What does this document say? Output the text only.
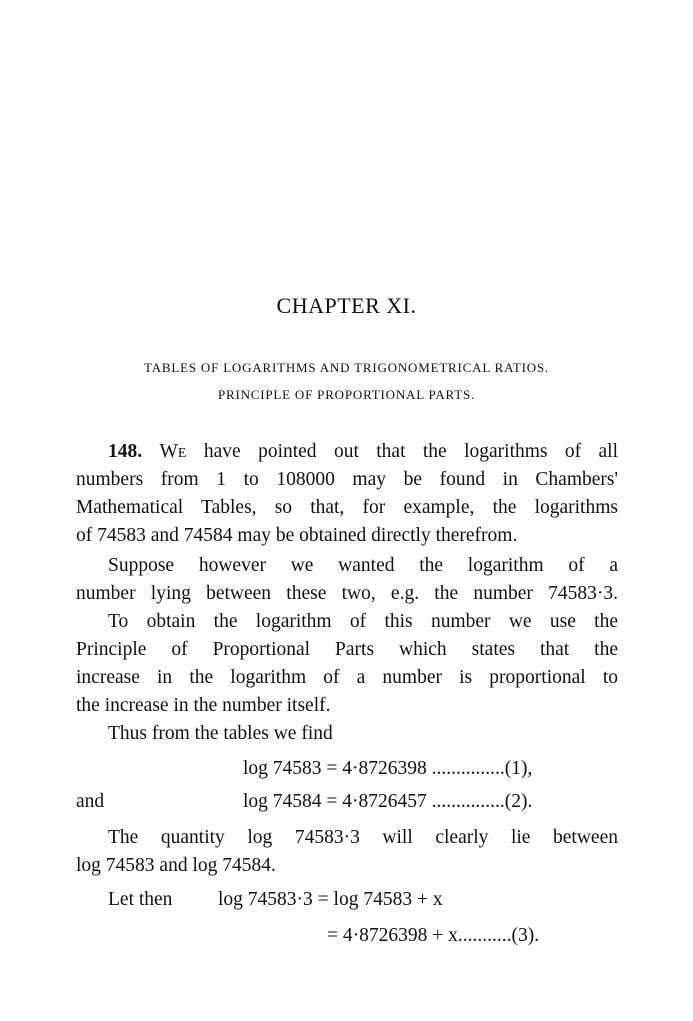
CHAPTER XI.
TABLES OF LOGARITHMS AND TRIGONOMETRICAL RATIOS.
PRINCIPLE OF PROPORTIONAL PARTS.
148. We have pointed out that the logarithms of all
numbers from 1 to 108000 may be found in Chambers'
Mathematical Tables, so that, for example, the logarithms
of 74583 and 74584 may be obtained directly therefrom.
Suppose however we wanted the logarithm of a
number lying between these two, e.g. the number 74583·3.
To obtain the logarithm of this number we use the
Principle of Proportional Parts which states that the
increase in the logarithm of a number is proportional to
the increase in the number itself.
Thus from the tables we find
log 74583 = 4·8726398 ...............(1),
and	log 74584 = 4·8726457 ...............(2).
The quantity log 74583·3 will clearly lie between
log 74583 and log 74584.
Let then log 74583·3 = log 74583 + x
= 4·8726398 + x...........(3).
